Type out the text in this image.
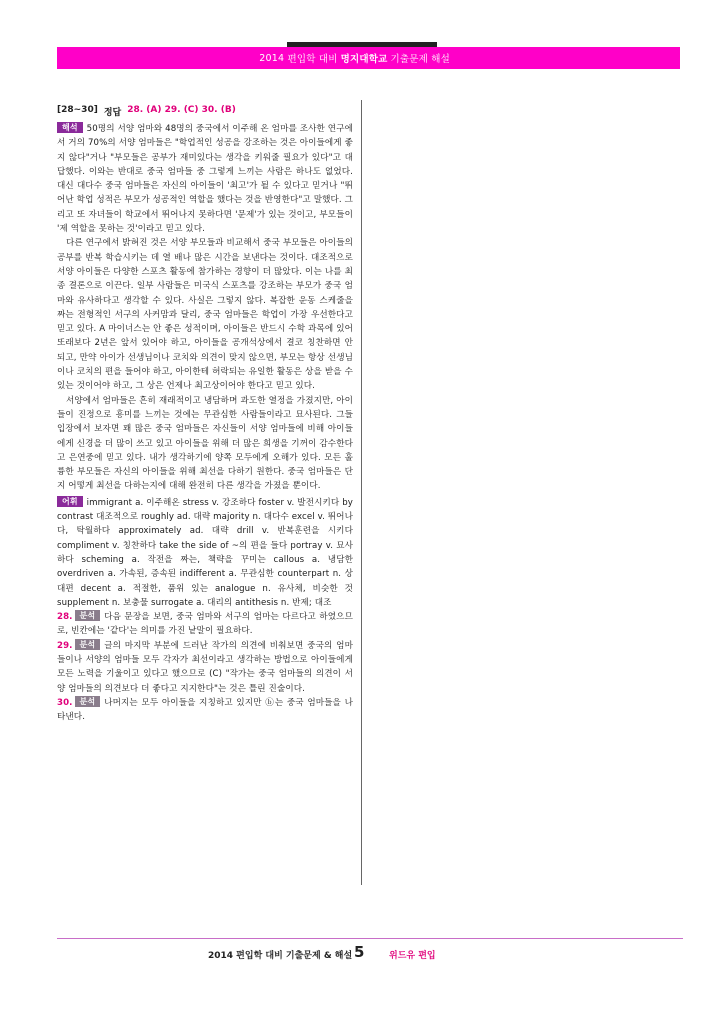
2014
편입학 대비 명지대학교 기출문제 해설
[28~30] 정답 28. (A) 29. (C) 30. (B)

해석 50명의 서양 엄마와 48명의 중국에서 이주해 온 엄마를 조사한 연구에서 거의 70%의 서양 엄마들은 "학업적인 성공을 강조하는 것은 아이들에게 좋지 않다"거나 "부모들은 공부가 재미있다는 생각을 키워줄 필요가 있다"고 대답했다. 이와는 반대로 중국 엄마들 중 그렇게 느끼는 사람은 하나도 없었다. 대신 대다수 중국 엄마들은 자신의 아이들이 '최고'가 될 수 있다고 믿거나 "뛰어난 학업 성적은 부모가 성공적인 역할을 했다는 것을 반영한다"고 말했다. 그리고 또 자녀들이 학교에서 뛰어나지 못하다면 '문제'가 있는 것이고, 부모들이 '제 역할을 못하는 것'이라고 믿고 있다.

다른 연구에서 밝혀진 것은 서양 부모들과 비교해서 중국 부모들은 아이들의 공부를 반복 학습시키는 데 열 배나 많은 시간을 보낸다는 것이다. 대조적으로 서양 아이들은 다양한 스포츠 활동에 참가하는 경향이 더 많았다. 이는 나를 최종 결론으로 이끈다. 일부 사람들은 미국식 스포츠를 강조하는 부모가 중국 엄마와 유사하다고 생각할 수 있다. 사실은 그렇지 않다. 복잡한 운동 스케줄을 짜는 전형적인 서구의 사커맘과 달리, 중국 엄마들은 학업이 가장 우선한다고 믿고 있다. A 마이너스는 안 좋은 성적이며, 아이들은 반드시 수학 과목에 있어 또래보다 2년은 앞서 있어야 하고, 아이들을 공개석상에서 결코 칭찬하면 안 되고, 만약 아이가 선생님이나 코치와 의견이 맞지 않으면, 부모는 항상 선생님이나 코치의 편을 들어야 하고, 아이한테 허락되는 유일한 활동은 상을 받을 수 있는 것이어야 하고, 그 상은 언제나 최고상이어야 한다고 믿고 있다.

서양에서 엄마들은 흔히 재래적이고 냉담하며 과도한 열정을 가졌지만, 아이들이 진정으로 흥미를 느끼는 것에는 무관심한 사람들이라고 묘사된다. 그들 입장에서 보자면 꽤 많은 중국 엄마들은 자신들이 서양 엄마들에 비해 아이들에게 신경을 더 많이 쓰고 있고 아이들을 위해 더 많은 희생을 기꺼이 감수한다고 은연중에 믿고 있다. 내가 생각하기에 양쪽 모두에게 오해가 있다. 모든 훌륭한 부모들은 자신의 아이들을 위해 최선을 다하기 원한다. 중국 엄마들은 단지 어떻게 최선을 다하는지에 대해 완전히 다른 생각을 가졌을 뿐이다.

어휘 immigrant a. 이주해온 stress v. 강조하다 foster v. 발전시키다 by contrast 대조적으로 roughly ad. 대략 majority n. 대다수 excel v. 뛰어나다, 탁월하다 approximately ad. 대략 drill v. 반복훈련을 시키다 compliment v. 칭찬하다 take the side of ~의 편을 들다 portray v. 묘사하다 scheming a. 작전을 짜는, 책략을 꾸미는 callous a. 냉담한 overdriven a. 가속된, 증속된 indifferent a. 무관심한 counterpart n. 상대편 decent a. 적절한, 품위 있는 analogue n. 유사체, 비슷한 것 supplement n. 보충물 surrogate a. 대리의 antithesis n. 반제; 대조

28. 분석 다음 문장을 보면, 중국 엄마와 서구의 엄마는 다르다고 하였으므로, 빈칸에는 '같다'는 의미를 가진 낱말이 필요하다.

29. 분석 글의 마지막 부분에 드러난 작가의 의견에 비춰보면 중국의 엄마들이나 서양의 엄마들 모두 각자가 최선이라고 생각하는 방법으로 아이들에게 모든 노력을 기울이고 있다고 했으므로 (C) "작가는 중국 엄마들의 의견이 서양 엄마들의 의견보다 더 좋다고 지지한다"는 것은 틀린 진술이다.

30. 분석 나머지는 모두 아이들을 지칭하고 있지만 ⓑ는 중국 엄마들을 나타낸다.

2014 편입학 대비 기출문제 & 해설 5	위드유 편입
